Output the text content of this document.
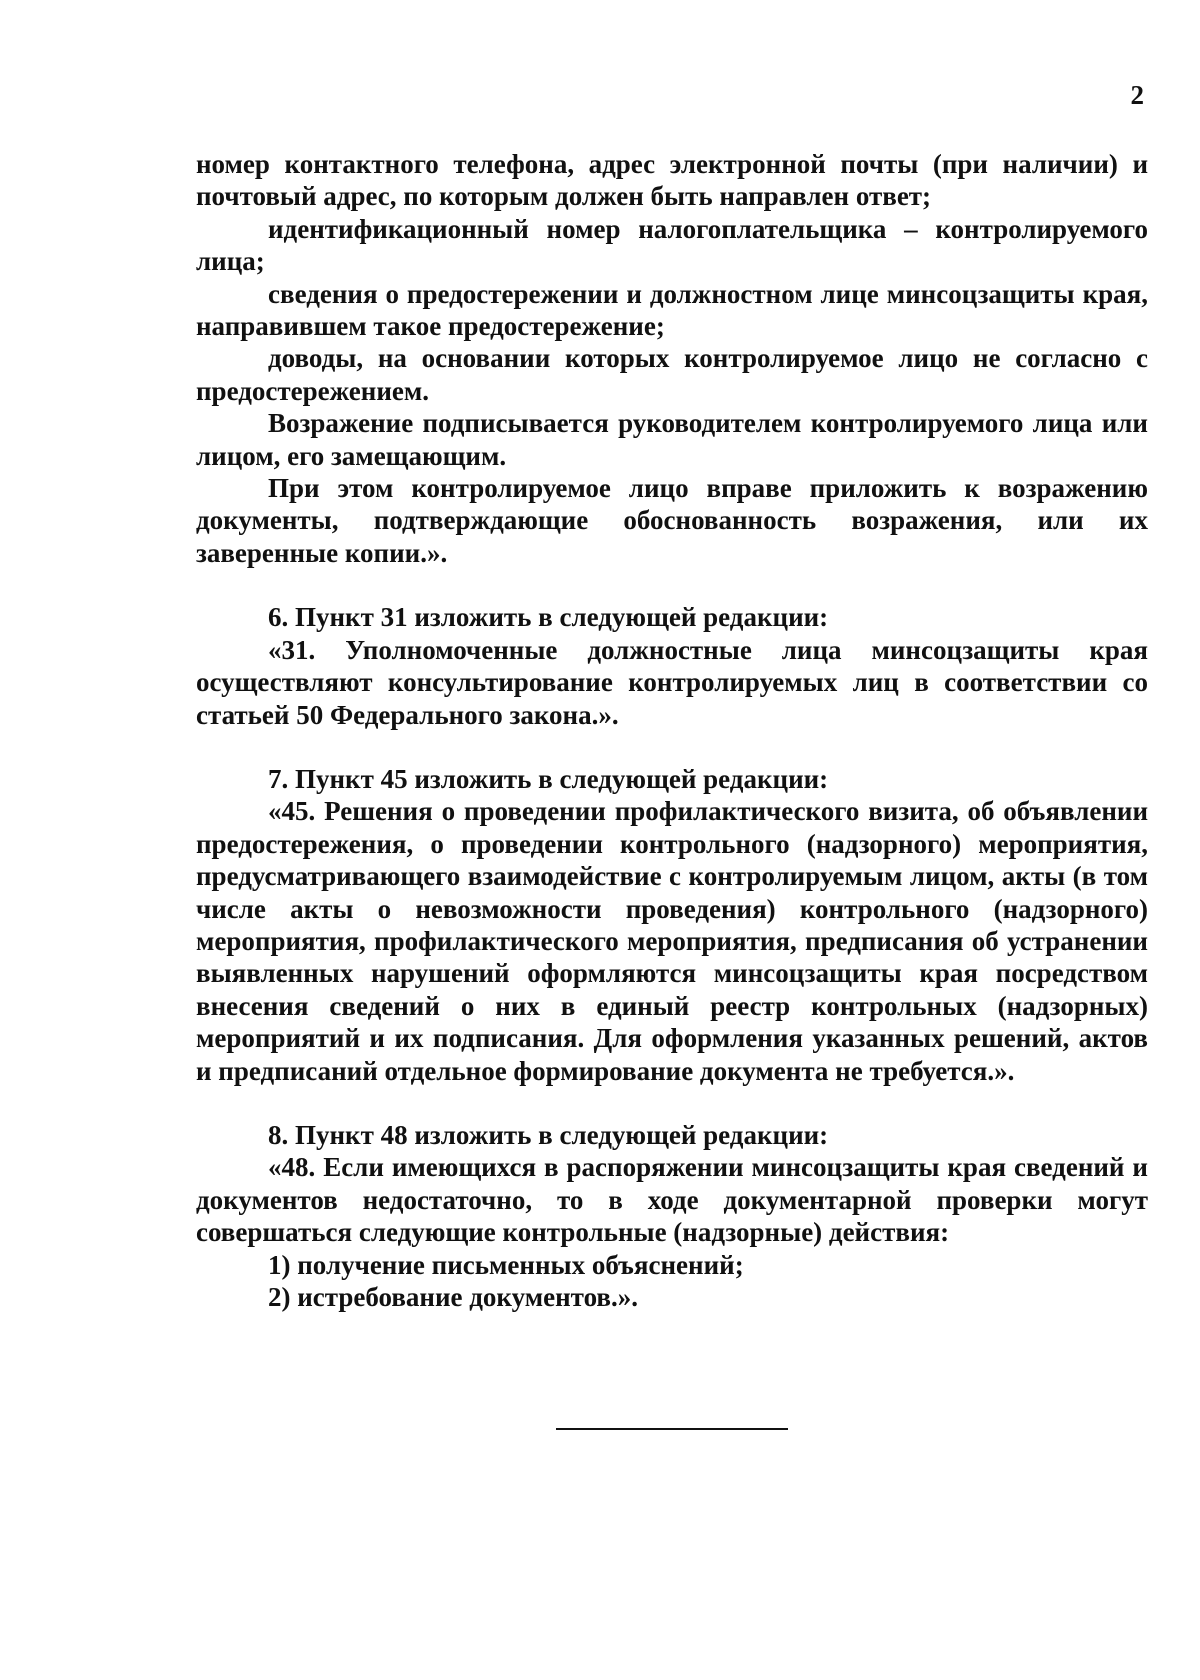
2

номер контактного телефона, адрес электронной почты (при наличии) и почтовый адрес, по которым должен быть направлен ответ;

идентификационный номер налогоплательщика – контролируемого лица;

сведения о предостережении и должностном лице минсоцзащиты края, направившем такое предостережение;

доводы, на основании которых контролируемое лицо не согласно с предостережением.

Возражение подписывается руководителем контролируемого лица или лицом, его замещающим.

При этом контролируемое лицо вправе приложить к возражению документы, подтверждающие обоснованность возражения, или их заверенные копии.».

6. Пункт 31 изложить в следующей редакции:

«31. Уполномоченные должностные лица минсоцзащиты края осуществляют консультирование контролируемых лиц в соответствии со статьей 50 Федерального закона.».

7. Пункт 45 изложить в следующей редакции:

«45. Решения о проведении профилактического визита, об объявлении предостережения, о проведении контрольного (надзорного) мероприятия, предусматривающего взаимодействие с контролируемым лицом, акты (в том числе акты о невозможности проведения) контрольного (надзорного) мероприятия, профилактического мероприятия, предписания об устранении выявленных нарушений оформляются минсоцзащиты края посредством внесения сведений о них в единый реестр контрольных (надзорных) мероприятий и их подписания. Для оформления указанных решений, актов и предписаний отдельное формирование документа не требуется.».

8. Пункт 48 изложить в следующей редакции:

«48. Если имеющихся в распоряжении минсоцзащиты края сведений и документов недостаточно, то в ходе документарной проверки могут совершаться следующие контрольные (надзорные) действия:

1) получение письменных объяснений;

2) истребование документов.».
